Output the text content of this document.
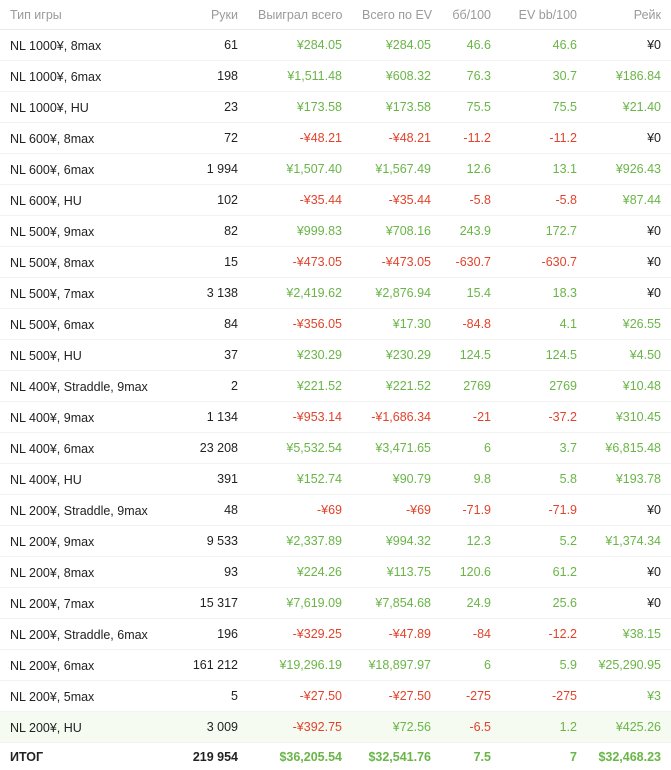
Тип игры	Руки	Выиграл всего	Всего по EV	бб/100	EV bb/100	Рейк
NL 1000¥, 8max	61	¥284.05	¥284.05	46.6	46.6	¥0
NL 1000¥, 6max	198	¥1,511.48	¥608.32	76.3	30.7	¥186.84
NL 1000¥, HU	23	¥173.58	¥173.58	75.5	75.5	¥21.40
NL 600¥, 8max	72	-¥48.21	-¥48.21	-11.2	-11.2	¥0
NL 600¥, 6max	1 994	¥1,507.40	¥1,567.49	12.6	13.1	¥926.43
NL 600¥, HU	102	-¥35.44	-¥35.44	-5.8	-5.8	¥87.44
NL 500¥, 9max	82	¥999.83	¥708.16	243.9	172.7	¥0
NL 500¥, 8max	15	-¥473.05	-¥473.05	-630.7	-630.7	¥0
NL 500¥, 7max	3 138	¥2,419.62	¥2,876.94	15.4	18.3	¥0
NL 500¥, 6max	84	-¥356.05	¥17.30	-84.8	4.1	¥26.55
NL 500¥, HU	37	¥230.29	¥230.29	124.5	124.5	¥4.50
NL 400¥, Straddle, 9max	2	¥221.52	¥221.52	2769	2769	¥10.48
NL 400¥, 9max	1 134	-¥953.14	-¥1,686.34	-21	-37.2	¥310.45
NL 400¥, 6max	23 208	¥5,532.54	¥3,471.65	6	3.7	¥6,815.48
NL 400¥, HU	391	¥152.74	¥90.79	9.8	5.8	¥193.78
NL 200¥, Straddle, 9max	48	-¥69	-¥69	-71.9	-71.9	¥0
NL 200¥, 9max	9 533	¥2,337.89	¥994.32	12.3	5.2	¥1,374.34
NL 200¥, 8max	93	¥224.26	¥113.75	120.6	61.2	¥0
NL 200¥, 7max	15 317	¥7,619.09	¥7,854.68	24.9	25.6	¥0
NL 200¥, Straddle, 6max	196	-¥329.25	-¥47.89	-84	-12.2	¥38.15
NL 200¥, 6max	161 212	¥19,296.19	¥18,897.97	6	5.9	¥25,290.95
NL 200¥, 5max	5	-¥27.50	-¥27.50	-275	-275	¥3
NL 200¥, HU	3 009	-¥392.75	¥72.56	-6.5	1.2	¥425.26
ИТОГ	219 954	$36,205.54	$32,541.76	7.5	7	$32,468.23
